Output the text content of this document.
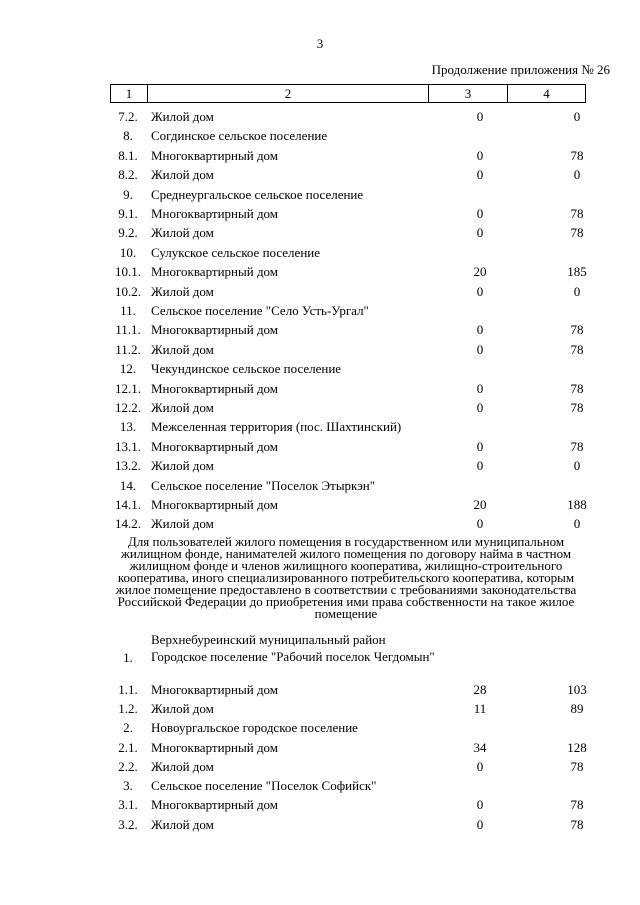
3
Продолжение приложения № 26
1	2	3	4
7.2.	Жилой дом	0	0
8.	Согдинское сельское поселение
8.1.	Многоквартирный дом	0	78
8.2.	Жилой дом	0	0
9.	Среднеургальское сельское поселение
9.1.	Многоквартирный дом	0	78
9.2.	Жилой дом	0	78
10.	Сулукское сельское поселение
10.1. Многоквартирный дом	20	185
10.2. Жилой дом	0	0
11.	Сельское поселение "Село Усть-Ургал"
11.1. Многоквартирный дом	0	78
11.2. Жилой дом	0	78
12.	Чекундинское сельское поселение
12.1. Многоквартирный дом	0	78
12.2. Жилой дом	0	78
13.	Межселенная территория (пос. Шахтинский)
13.1. Многоквартирный дом	0	78
13.2. Жилой дом	0	0
14.	Сельское поселение "Поселок Этыркэн"
14.1. Многоквартирный дом	20	188
14.2. Жилой дом	0	0
Для пользователей жилого помещения в государственном или муниципальном жилищном фонде, нанимателей жилого помещения по договору найма в частном жилищном фонде и членов жилищного кооператива, жилищно-строительного кооператива, иного специализированного потребительского кооператива, которым жилое помещение предоставлено в соответствии с требованиями законодательства Российской Федерации до приобретения ими права собственности на такое жилое помещение
Верхнебуреинский муниципальный район
1.	Городское поселение "Рабочий поселок Чегдомын"
1.1.	Многоквартирный дом	28	103
1.2.	Жилой дом	11	89
2.	Новоургальское городское поселение
2.1.	Многоквартирный дом	34	128
2.2.	Жилой дом	0	78
3.	Сельское поселение "Поселок Софийск"
3.1.	Многоквартирный дом	0	78
3.2.	Жилой дом	0	78
